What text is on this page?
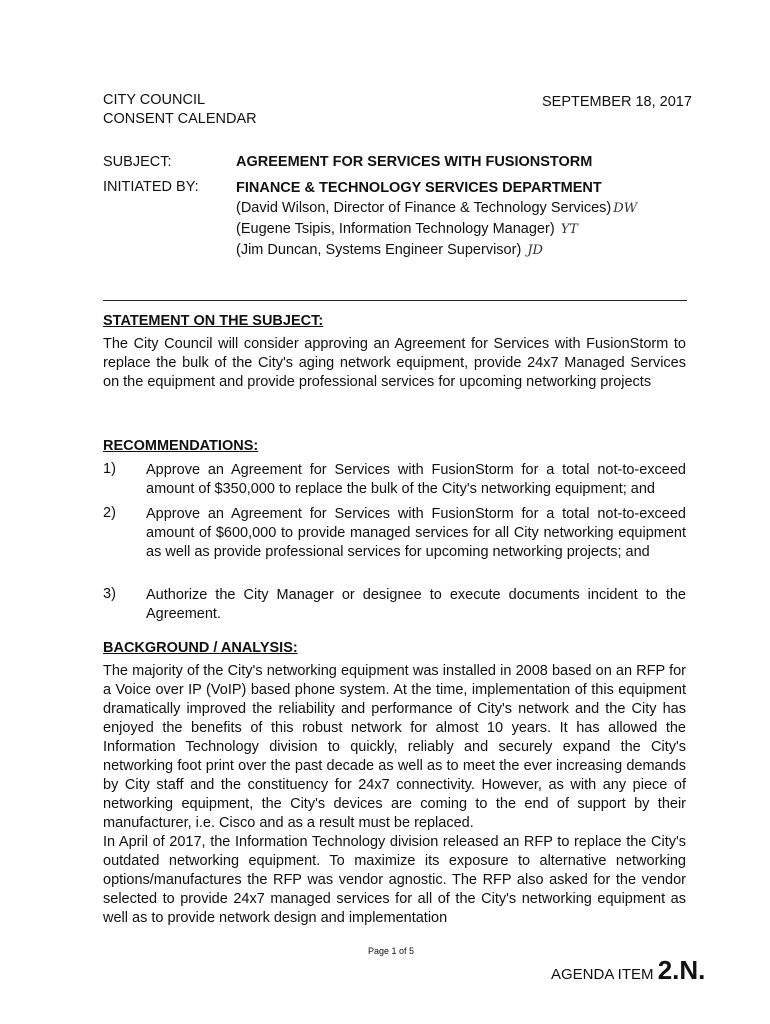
CITY COUNCIL
CONSENT CALENDAR
SEPTEMBER 18, 2017
SUBJECT:	AGREEMENT FOR SERVICES WITH FUSIONSTORM
INITIATED BY:	FINANCE & TECHNOLOGY SERVICES DEPARTMENT
(David Wilson, Director of Finance & Technology Services) DW
(Eugene Tsipis, Information Technology Manager) YT
(Jim Duncan, Systems Engineer Supervisor) JD
STATEMENT ON THE SUBJECT:
The City Council will consider approving an Agreement for Services with FusionStorm to replace the bulk of the City's aging network equipment, provide 24x7 Managed Services on the equipment and provide professional services for upcoming networking projects
RECOMMENDATIONS:
1) Approve an Agreement for Services with FusionStorm for a total not-to-exceed amount of $350,000 to replace the bulk of the City's networking equipment; and
2) Approve an Agreement for Services with FusionStorm for a total not-to-exceed amount of $600,000 to provide managed services for all City networking equipment as well as provide professional services for upcoming networking projects; and
3) Authorize the City Manager or designee to execute documents incident to the Agreement.
BACKGROUND / ANALYSIS:
The majority of the City's networking equipment was installed in 2008 based on an RFP for a Voice over IP (VoIP) based phone system. At the time, implementation of this equipment dramatically improved the reliability and performance of City's network and the City has enjoyed the benefits of this robust network for almost 10 years. It has allowed the Information Technology division to quickly, reliably and securely expand the City's networking foot print over the past decade as well as to meet the ever increasing demands by City staff and the constituency for 24x7 connectivity. However, as with any piece of networking equipment, the City's devices are coming to the end of support by their manufacturer, i.e. Cisco and as a result must be replaced.
In April of 2017, the Information Technology division released an RFP to replace the City's outdated networking equipment. To maximize its exposure to alternative networking options/manufactures the RFP was vendor agnostic. The RFP also asked for the vendor selected to provide 24x7 managed services for all of the City's networking equipment as well as to provide network design and implementation
Page 1 of 5
AGENDA ITEM 2.N.
